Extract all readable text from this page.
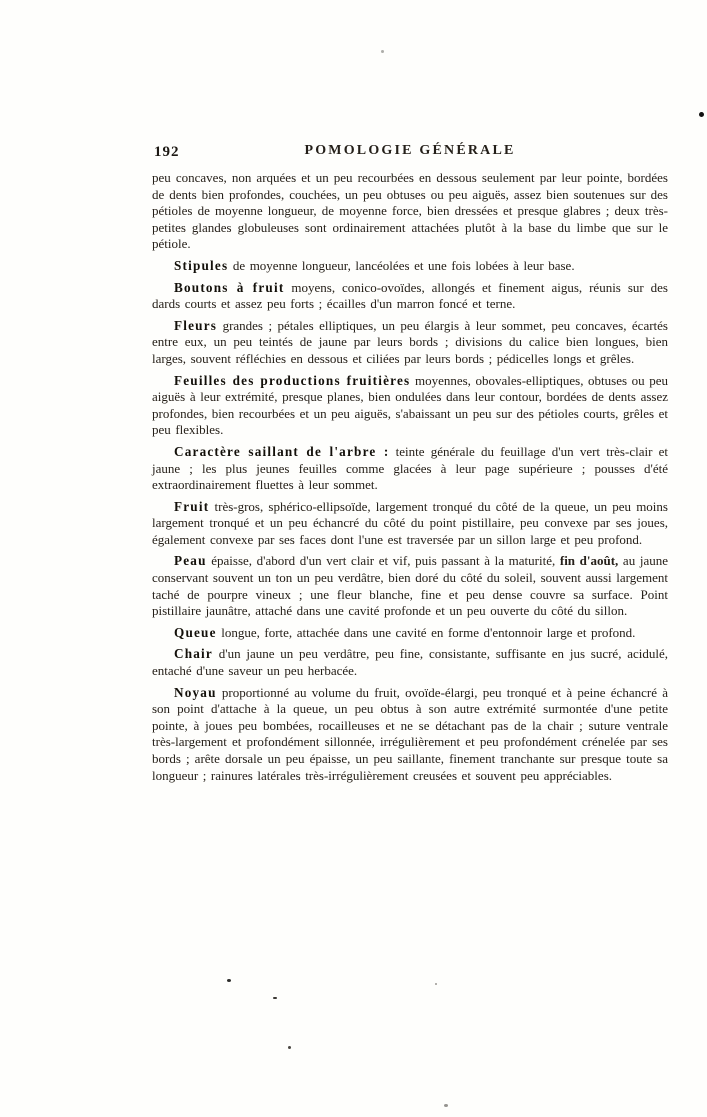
192	POMOLOGIE GÉNÉRALE

peu concaves, non arquées et un peu recourbées en dessous seulement par leur pointe, bordées de dents bien profondes, couchées, un peu obtuses ou peu aiguës, assez bien soutenues sur des pétioles de moyenne longueur, de moyenne force, bien dressées et presque glabres ; deux très-petites glandes globuleuses sont ordinairement attachées plutôt à la base du limbe que sur le pétiole.

Stipules de moyenne longueur, lancéolées et une fois lobées à leur base.

Boutons à fruit moyens, conico-ovoïdes, allongés et finement aigus, réunis sur des dards courts et assez peu forts ; écailles d'un marron foncé et terne.

Fleurs grandes ; pétales elliptiques, un peu élargis à leur sommet, peu concaves, écartés entre eux, un peu teintés de jaune par leurs bords ; divisions du calice bien longues, bien larges, souvent réfléchies en dessous et ciliées par leurs bords ; pédicelles longs et grêles.

Feuilles des productions fruitières moyennes, obovales-elliptiques, obtuses ou peu aiguës à leur extrémité, presque planes, bien ondulées dans leur contour, bordées de dents assez profondes, bien recourbées et un peu aiguës, s'abaissant un peu sur des pétioles courts, grêles et peu flexibles.

Caractère saillant de l'arbre : teinte générale du feuillage d'un vert très-clair et jaune ; les plus jeunes feuilles comme glacées à leur page supérieure ; pousses d'été extraordinairement fluettes à leur sommet.

Fruit très-gros, sphérico-ellipsoïde, largement tronqué du côté de la queue, un peu moins largement tronqué et un peu échancré du côté du point pistillaire, peu convexe par ses joues, également convexe par ses faces dont l'une est traversée par un sillon large et peu profond.

Peau épaisse, d'abord d'un vert clair et vif, puis passant à la maturité, fin d'août, au jaune conservant souvent un ton un peu verdâtre, bien doré du côté du soleil, souvent aussi largement taché de pourpre vineux ; une fleur blanche, fine et peu dense couvre sa surface. Point pistillaire jaunâtre, attaché dans une cavité profonde et un peu ouverte du côté du sillon.

Queue longue, forte, attachée dans une cavité en forme d'entonnoir large et profond.

Chair d'un jaune un peu verdâtre, peu fine, consistante, suffisante en jus sucré, acidulé, entaché d'une saveur un peu herbacée.

Noyau proportionné au volume du fruit, ovoïde-élargi, peu tronqué et à peine échancré à son point d'attache à la queue, un peu obtus à son autre extrémité surmontée d'une petite pointe, à joues peu bombées, rocailleuses et ne se détachant pas de la chair ; suture ventrale très-largement et profondément sillonnée, irrégulièrement et peu profondément crénelée par ses bords ; arête dorsale un peu épaisse, un peu saillante, finement tranchante sur presque toute sa longueur ; rainures latérales très-irrégulièrement creusées et souvent peu appréciables.
